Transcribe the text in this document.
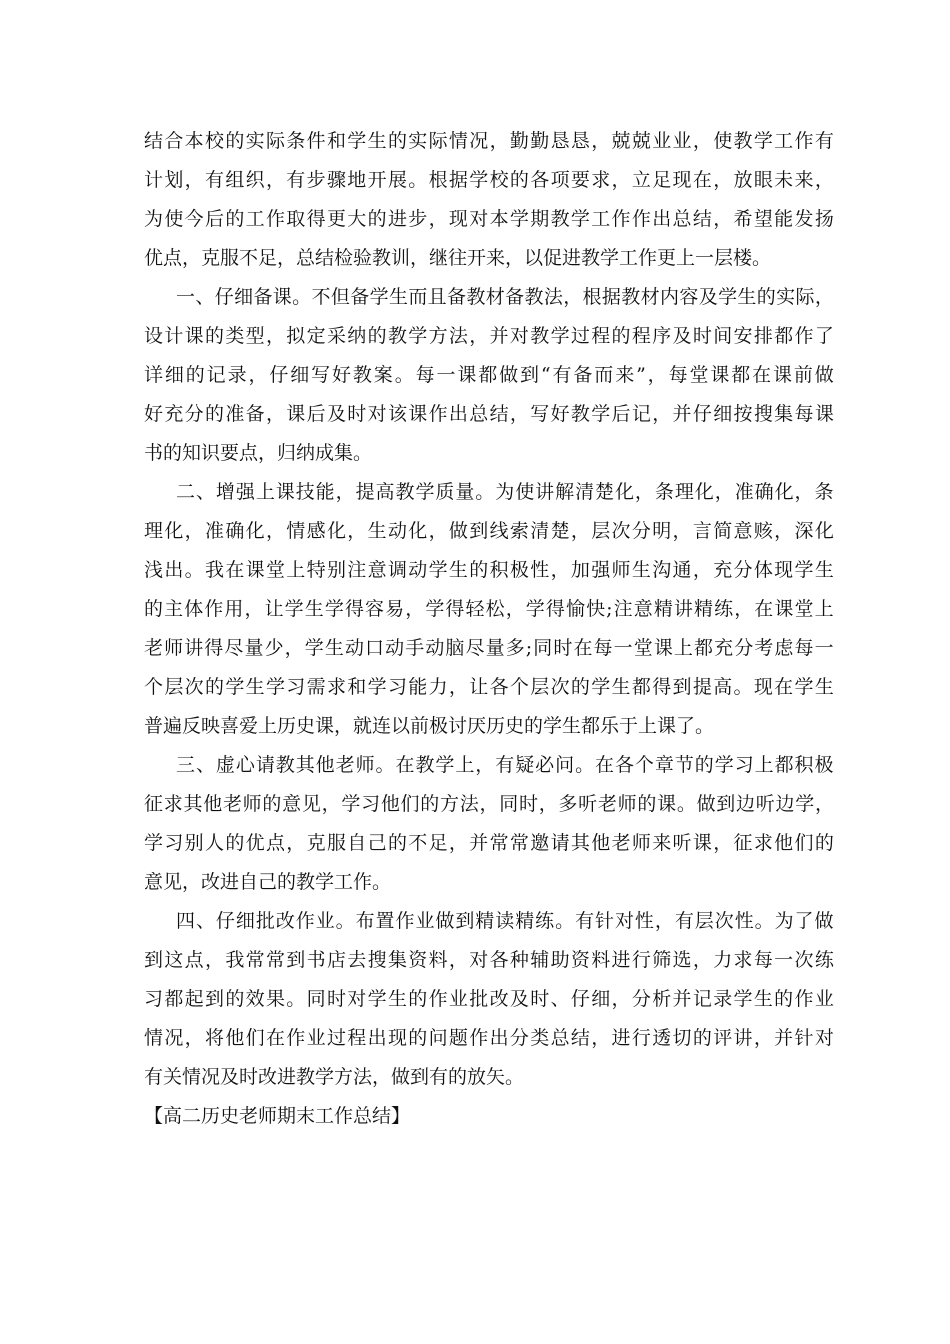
结 合 本 校 的 实 际 条 件 和 学 生 的 实 际 情 况 ， 勤 勤 恳 恳 ， 兢 兢 业 业 ， 使 教 学 工 作 有
计 划 ， 有 组 织 ， 有 步 骤 地 开 展 。 根 据 学 校 的 各 项 要 求 ， 立 足 现 在 ， 放 眼 未 来 ，
为 使 今 后 的 工 作 取 得 更 大 的 进 步 ， 现 对 本 学 期 教 学 工 作 作 出 总 结 ， 希 望 能 发 扬
优点，克服不足，总结检验教训，继往开来，以促进教学工作更上一层楼。
一 、 仔 细 备 课 。 不 但 备 学 生 而 且 备 教 材 备 教 法 ， 根 据 教 材 内 容 及 学 生 的 实 际 ，
设 计 课 的 类 型 ， 拟 定 采 纳 的 教 学 方 法 ， 并 对 教 学 过 程 的 程 序 及 时 间 安 排 都 作 了
详 细 的 记 录 ， 仔 细 写 好 教 案 。 每 一 课 都 做 到 “ 有 备 而 来 ” ， 每 堂 课 都 在 课 前 做
好 充 分 的 准 备 ， 课 后 及 时 对 该 课 作 出 总 结 ， 写 好 教 学 后 记 ， 并 仔 细 按 搜 集 每 课
书的知识要点，归纳成集。
二 、 增 强 上 课 技 能 ， 提 高 教 学 质 量 。 为 使 讲 解 清 楚 化 ， 条 理 化 ， 准 确 化 ， 条
理 化 ， 准 确 化 ， 情 感 化 ， 生 动 化 ， 做 到 线 索 清 楚 ， 层 次 分 明 ， 言 简 意 赅 ， 深 化
浅 出 。 我 在 课 堂 上 特 别 注 意 调 动 学 生 的 积 极 性 ， 加 强 师 生 沟 通 ， 充 分 体 现 学 生
的 主 体 作 用 ， 让 学 生 学 得 容 易 ， 学 得 轻 松 ， 学 得 愉 快 ; 注 意 精 讲 精 练 ， 在 课 堂 上
老 师 讲 得 尽 量 少 ， 学 生 动 口 动 手 动 脑 尽 量 多 ; 同 时 在 每 一 堂 课 上 都 充 分 考 虑 每 一
个 层 次 的 学 生 学 习 需 求 和 学 习 能 力 ， 让 各 个 层 次 的 学 生 都 得 到 提 高 。 现 在 学 生
普遍反映喜爱上历史课，就连以前极讨厌历史的学生都乐于上课了。
三 、 虚 心 请 教 其 他 老 师 。 在 教 学 上 ， 有 疑 必 问 。 在 各 个 章 节 的 学 习 上 都 积 极
征 求 其 他 老 师 的 意 见 ， 学 习 他 们 的 方 法 ， 同 时 ， 多 听 老 师 的 课 。 做 到 边 听 边 学 ，
学 习 别 人 的 优 点 ， 克 服 自 己 的 不 足 ， 并 常 常 邀 请 其 他 老 师 来 听 课 ， 征 求 他 们 的
意见，改进自己的教学工作。
四 、 仔 细 批 改 作 业 。 布 置 作 业 做 到 精 读 精 练 。 有 针 对 性 ， 有 层 次 性 。 为 了 做
到 这 点 ， 我 常 常 到 书 店 去 搜 集 资 料 ， 对 各 种 辅 助 资 料 进 行 筛 选 ， 力 求 每 一 次 练
习 都 起 到 的 效 果 。 同 时 对 学 生 的 作 业 批 改 及 时 、 仔 细 ， 分 析 并 记 录 学 生 的 作 业
情 况 ， 将 他 们 在 作 业 过 程 出 现 的 问 题 作 出 分 类 总 结 ， 进 行 透 切 的 评 讲 ， 并 针 对
有关情况及时改进教学方法，做到有的放矢。
【高二历史老师期末工作总结】
